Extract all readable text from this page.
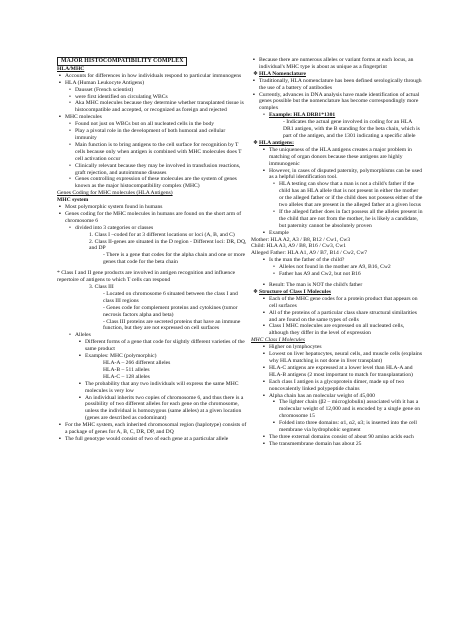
MAJOR HISTOCOMPATIBILITY COMPLEX
HLA/MHC
▪ Accounts for differences in how individuals respond to particular immunogens
▪ HLA (Human Leukocyte Antigens)
• Dausset (French scientist)
• were first identified on circulating WBCs
• Aka MHC molecules because they determine whether transplanted tissue is histocompatible and accepted, or recognized as foreign and rejected
▪ MHC molecules
• Found not just on WBCs but on all nucleated cells in the body
• Play a pivotal role in the development of both humoral and cellular immunity
• Main function is to bring antigens to the cell surface for recognition by T cells because only when antigen is combined with MHC molecules does T cell activation occur
• Clinically relevant because they may be involved in transfusion reactions, graft rejection, and autoimmune diseases
• Genes controlling expression of these molecules are the system of genes known as the major histocompatibility complex (MHC)
Genes Coding for MHC molecules (HLA Antigens)
MHC system
▪ Most polymorphic system found in humans
▪ Genes coding for the MHC molecules in humans are found on the short arm of chromosome 6
• divided into 3 categories or classes
1. Class I –coded for at 3 different locations or loci (A, B, and C)
2. Class II-genes are situated in the D region - Different loci: DR, DQ, and DP
- There is a gene that codes for the alpha chain and one or more genes that code for the beta chain
* Class I and II gene products are involved in antigen recognition and influence repertoire of antigens to which T cells can respond
3. Class III
- Located on chromosome 6 situated between the class I and class III regions
- Genes code for complement proteins and cytokines (tumor necrosis factors alpha and beta)
- Class III proteins are secreted proteins that have an immune function, but they are not expressed on cell surfaces
• Alleles
▪ Different forms of a gene that code for slightly different varieties of the same product
▪ Examples: MHC (polymorphic)
HLA-A – 266 different alleles
HLA-B – 511 alleles
HLA-C – 128 alleles
▪ The probability that any two individuals will express the same MHC molecules is very low
▪ An individual inherits two copies of chromosome 6, and thus there is a possibility of two different alleles for each gene on the chromosome, unless the individual is homozygous (same alleles) at a given location (genes are described as codominant)
▪ For the MHC system, each inherited chromosomal region (haplotype) consists of a package of genes for A, B, C, DR, DP, and DQ
▪ The full genotype would consist of two of each gene at a particular allele
▪ Because there are numerous alleles or variant forms at each locus, an individual's MHC type is about as unique as a fingerprint
❖HLA Nomenclature
▪ Traditionally, HLA nomenclature has been defined serologically through the use of a battery of antibodies
▪ Currently, advances in DNA analysis have made identification of actual genes possible but the nomenclature has become correspondingly more complex
• Example: HLA DRB1*1301
- Indicates the actual gene involved in coding for an HLA DR1 antigen, with the B standing for the beta chain, which is part of the antigen, and the 1301 indicating a specific allele
❖HLA antigens:
▪ The uniqueness of the HLA antigens creates a major problem in matching of organ donors because these antigens are highly immunogenic
▪ However, in cases of disputed paternity, polymorphisms can be used as a helpful identification tool.
• HLA testing can show that a man is not a child's father if the child has an HLA allele that is not present in either the mother or the alleged father or if the child does not possess either of the two alleles that are present in the alleged father at a given locus
• If the alleged father does in fact possess all the alleles present in the child that are not from the mother, he is likely a candidate, but paternity cannot be absolutely proven
▪ Example
Mother: HLA A2, A3 / B8, B12 / Cw1, Cw3
Child: HLA A3, A9 / B8, B16 / Cw3, Cw1
Alleged Father: HLA A1, A9 / B7, B14 / Cw2, Cw7
▪ Is the man the father of the child?
• Alleles not found in the mother are A9, B16, Cw2
• Father has A9 and Cw2, but not B16
▪ Result: The man is NOT the child's father
❖Structure of Class I Molecules
▪ Each of the MHC gene codes for a protein product that appears on cell surfaces
▪ All of the proteins of a particular class share structural similarities and are found on the same types of cells
▪ Class I MHC molecules are expressed on all nucleated cells, although they differ in the level of expression
MHC Class I Molecules
▪ Higher on lymphocytes
▪ Lowest on liver hepatocytes, neural cells, and muscle cells (explains why HLA matching is not done in liver transplant)
▪ HLA-C antigens are expressed at a lower level than HLA-A and HLA-B antigens (2 most important to match for transplantation)
▪ Each class I antigen is a glycoprotein dimer, made up of two noncovalently linked polypeptide chains
▪ Alpha chain has an molecular weight of 45,000
▪ The lighter chain (β2 – microglobulin) associated with it has a molecular weight of 12,000 and is encoded by a single gene on chromosome 15
▪ Folded into three domains: α1, α2, α3; is inserted into the cell membrane via hydrophobic segment
▪ The three external domains consist of about 90 amino acids each
▪ The transmembrane domain has about 25
